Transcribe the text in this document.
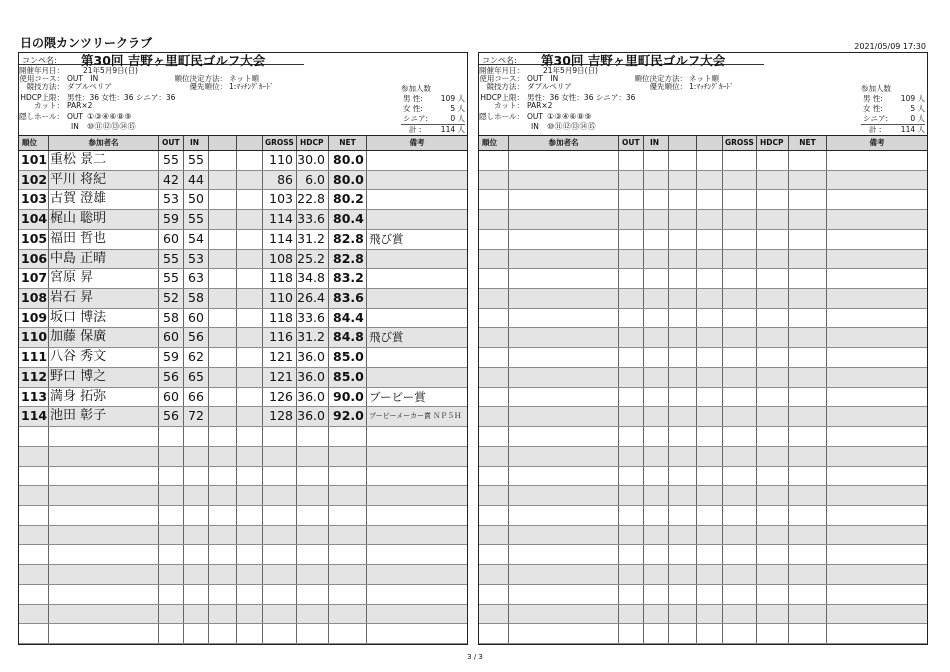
日の隈カンツリークラブ	2021/05/09 17:30
コンペ名: 第30回 吉野ヶ里町民ゴルフ大会
開催年月日：	21年5月9日(日)
使用コース： OUT　IN	順位決定方法： ネット順
競技方法： ダブルペリア	優先順位： 1:ﾏｯﾁﾝｸﾞｶｰﾄﾞ
HDCP上限： 男性：36 女性：36 シニア：36
カット： PAR×2
隠しホール： OUT ①③④⑥⑧⑨
IN ⑩⑪⑫⑬⑭⑮
参加人数
男 性: 109 人
女 性:	5 人
シニア:	0 人
計 :	114 人
順位	参加者名	OUT	IN	GROSS HDCP	NET	備考
101 重松 景二	55 55	110 30.0 80.0
102 平川 将紀	42 44	86 6.0 80.0
103 古賀 澄雄	53 50	103 22.8 80.2
104 梶山 聡明	59 55	114 33.6 80.4
105 福田 哲也	60 54	114 31.2 82.8 飛び賞
106 中島 正晴	55 53	108 25.2 82.8
107 宮原 昇	55 63	118 34.8 83.2
108 岩石 昇	52 58	110 26.4 83.6
109 坂口 博法	58 60	118 33.6 84.4
110 加藤 保廣	60 56	116 31.2 84.8 飛び賞
111 八谷 秀文	59 62	121 36.0 85.0
112 野口 博之	56 65	121 36.0 85.0
113 満身 拓弥	60 66	126 36.0 90.0 ブービー賞
114 池田 彰子	56 72	128 36.0 92.0 ブービーメーカー賞 ＮＰ５Ｈ
コンペ名: 第30回 吉野ヶ里町民ゴルフ大会
開催年月日：	21年5月9日(日)
使用コース： OUT　IN	順位決定方法： ネット順
競技方法： ダブルペリア	優先順位： 1:ﾏｯﾁﾝｸﾞｶｰﾄﾞ
HDCP上限： 男性：36 女性：36 シニア：36
カット： PAR×2
隠しホール： OUT ①③④⑥⑧⑨
IN ⑩⑪⑫⑬⑭⑮
参加人数
男 性: 109 人
女 性:	5 人
シニア:	0 人
計 :	114 人
順位	参加者名	OUT	IN	GROSS HDCP	NET	備考
3 / 3
